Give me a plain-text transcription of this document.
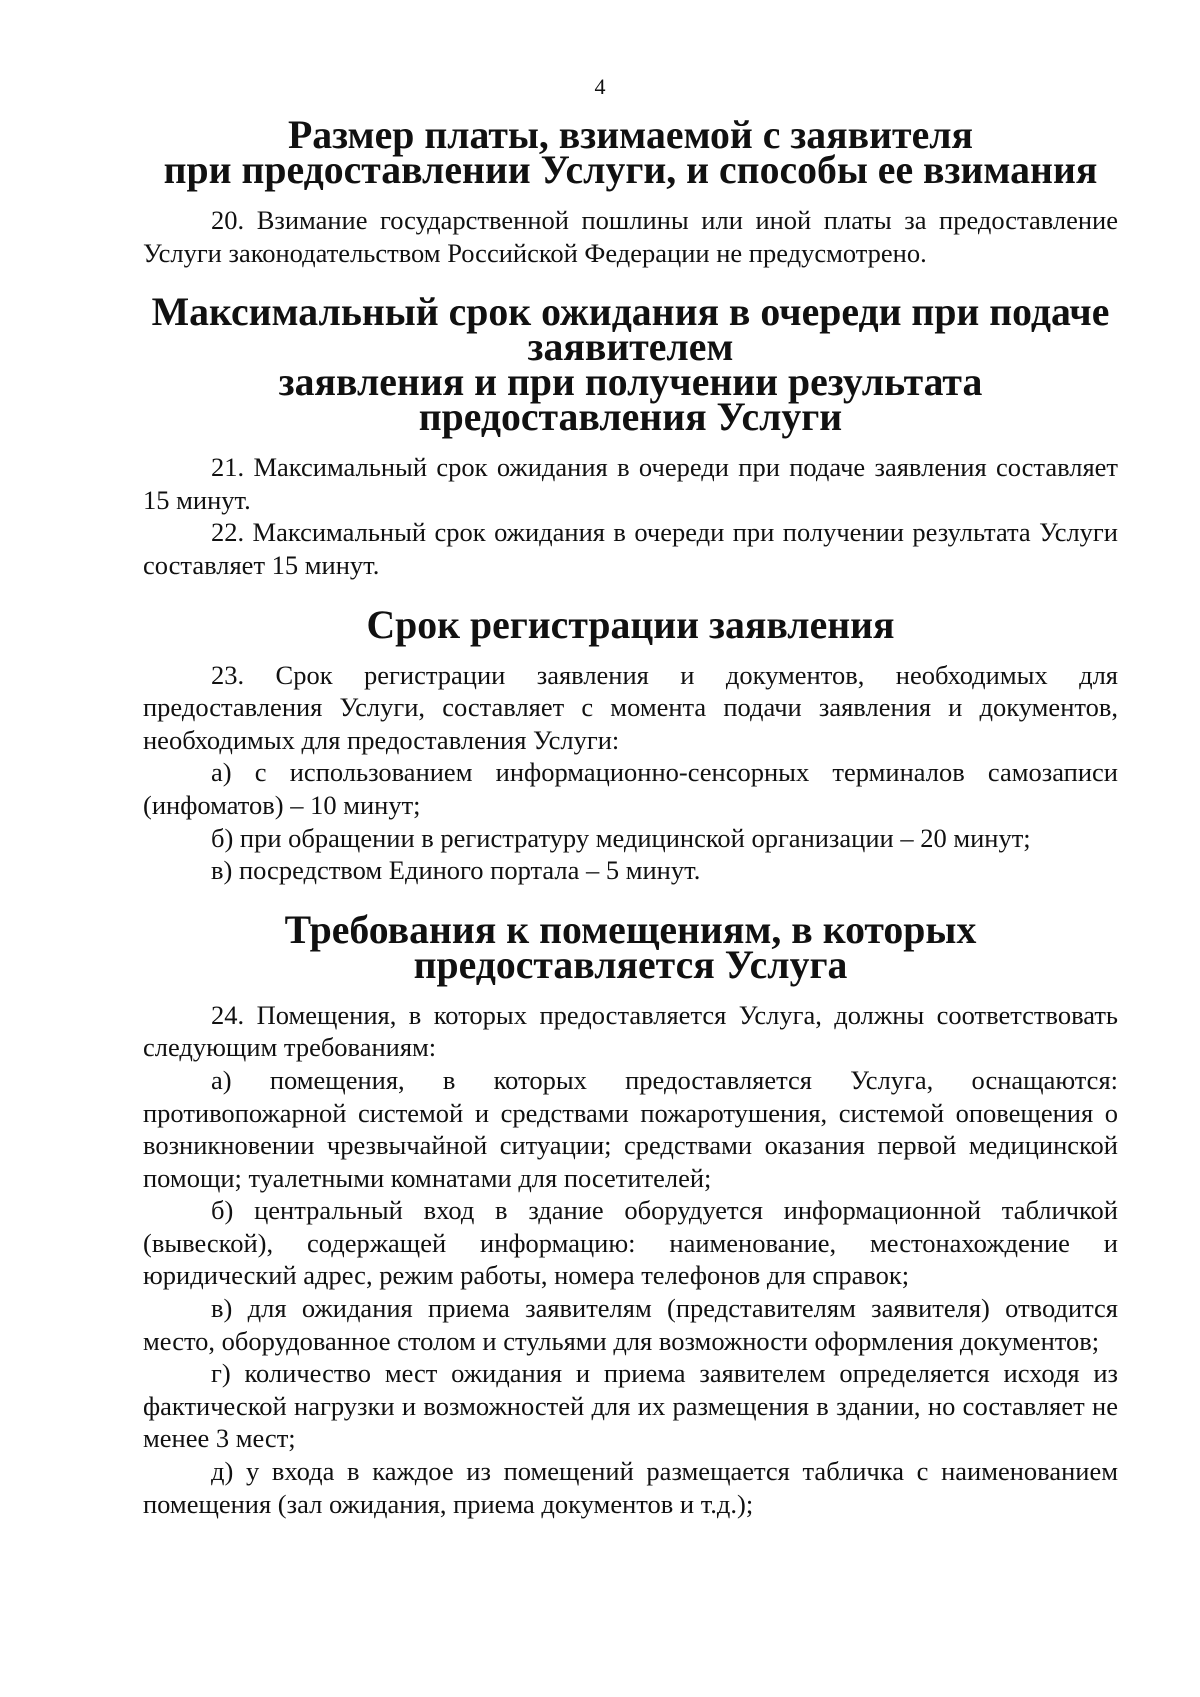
4
Размер платы, взимаемой с заявителя
при предоставлении Услуги, и способы ее взимания

20. Взимание государственной пошлины или иной платы за предоставление Услуги законодательством Российской Федерации не предусмотрено.

Максимальный срок ожидания в очереди при подаче заявителем
заявления и при получении результата предоставления Услуги

21. Максимальный срок ожидания в очереди при подаче заявления составляет 15 минут.

22. Максимальный срок ожидания в очереди при получении результата Услуги составляет 15 минут.

Срок регистрации заявления

23. Срок регистрации заявления и документов, необходимых для предоставления Услуги, составляет с момента подачи заявления и документов, необходимых для предоставления Услуги:

а) с использованием информационно-сенсорных терминалов самозаписи (инфоматов) – 10 минут;

б) при обращении в регистратуру медицинской организации – 20 минут;

в) посредством Единого портала – 5 минут.

Требования к помещениям, в которых предоставляется Услуга

24. Помещения, в которых предоставляется Услуга, должны соответствовать следующим требованиям:

а) помещения, в которых предоставляется Услуга, оснащаются: противопожарной системой и средствами пожаротушения, системой оповещения о возникновении чрезвычайной ситуации; средствами оказания первой медицинской помощи; туалетными комнатами для посетителей;

б) центральный вход в здание оборудуется информационной табличкой (вывеской), содержащей информацию: наименование, местонахождение и юридический адрес, режим работы, номера телефонов для справок;

в) для ожидания приема заявителям (представителям заявителя) отводится место, оборудованное столом и стульями для возможности оформления документов;

г) количество мест ожидания и приема заявителем определяется исходя из фактической нагрузки и возможностей для их размещения в здании, но составляет не менее 3 мест;

д) у входа в каждое из помещений размещается табличка с наименованием помещения (зал ожидания, приема документов и т.д.);
